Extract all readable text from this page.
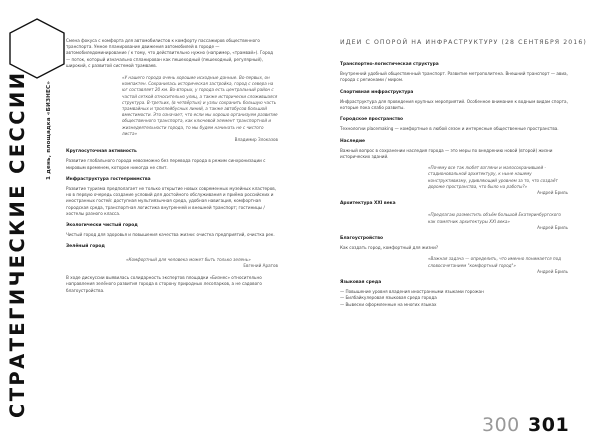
СТРАТЕГИЧЕСКИЕ СЕССИИ	1 день, площадка «БИЗНЕС»

Смена фокуса с комфорта для автомобилистов к комфорту пассажиров общественного транспорта. Умное планирование движения автомобилей в городе — автомобиледоминирование / к тому, что действительно нужно (например, «трамвай»). Город — поток, который изначально спланирован как пешеходный (пешеходный, регулярный), широкий, с развитой системой трамваев.

«У нашего города очень хорошие исходные данные. Во-первых, он компактен. Сохранилась историческая застройка, город с севера на юг составляет 20 км. Во-вторых, у города есть центральный район с частой сеткой относительно улиц, а также исторически сложившаяся структура. В-третьих, (в четвёртых) и узлы сохранить большую часть трамвайных и троллейбусных линий, а также автобусов большой вместимости. Это означает, что если мы хорошо организуем развитие общественного транспорта, как ключевой элемент транспортной и жизнедеятельности города, то мы будем начинать не с чистого листа»

Владимир Злоказов

Круглосуточная активность

Развитие глобального города невозможно без перевода города в режим синхронизации с мировым временем, которое никогда не спит.

Инфраструктура гостеприимства

Развитие туризма предполагает не только открытие новых современных музейных кластеров, но в первую очередь создание условий для достойного обслуживания и приёма российских и иностранных гостей: доступная мультиязычная среда, удобная навигация, комфортная городская среда, транспортная логистика внутренней и внешней транспорт; гостиницы / хостелы разного класса.

Экологически чистый город

Чистый город для здоровья и повышения качества жизни: очистка предприятий, очистка рек.

Зелёный город

«Комфортный для человека может быть только зелень»

Евгений Аратов

В ходе дискуссии выявилась солидарность экспертов площадки «Бизнес» относительно направления зелёного развития города в сторону природных лесопарков, а не садового благоустройства.

ИДЕИ С ОПОРОЙ НА ИНФРАСТРУКТУРУ (28 СЕНТЯБРЯ 2016)

Транспортно-логистическая структура

Внутренний удобный общественный транспорт. Развитие метрополитена. Внешний транспорт — авиа, города с регионами / миром.

Спортивная инфраструктура

Инфраструктура для проведения крупных мероприятий. Особенное внимание к водным видам спорта, которые пока слабо развиты.

Городское пространство

Технологии placemaking — комфортные в любой сезон и интересные общественные пространства.

Наследие

Важный вопрос в сохранении наследия города — это меры по внедрению новой (второй) жизни исторических зданий.

«Почему все так любят взгляни и малосохранившей - стадионовальной архитектуру, к ныне нашему конструктивизму, удивляющий уровнем за то, что создаёт дороже пространства, что было на работы?»

Андрей Бриль

Архитектура XXI века

«Предлагаю разместить объём большой Екатеринбургского как памятник архитектуры XXI века»

Андрей Бриль

Благоустройство

Как создать город, комфортный для жизни?

«Важная задача — определить, что именно понимается под словосочетанием "комфортный город"»

Андрей Бриль

Языковая среда

— Повышение уровня владения иностранными языками горожан

— Билбайкулеровая языковая среда города

— Вывески оформленные на многих языках

300 301
